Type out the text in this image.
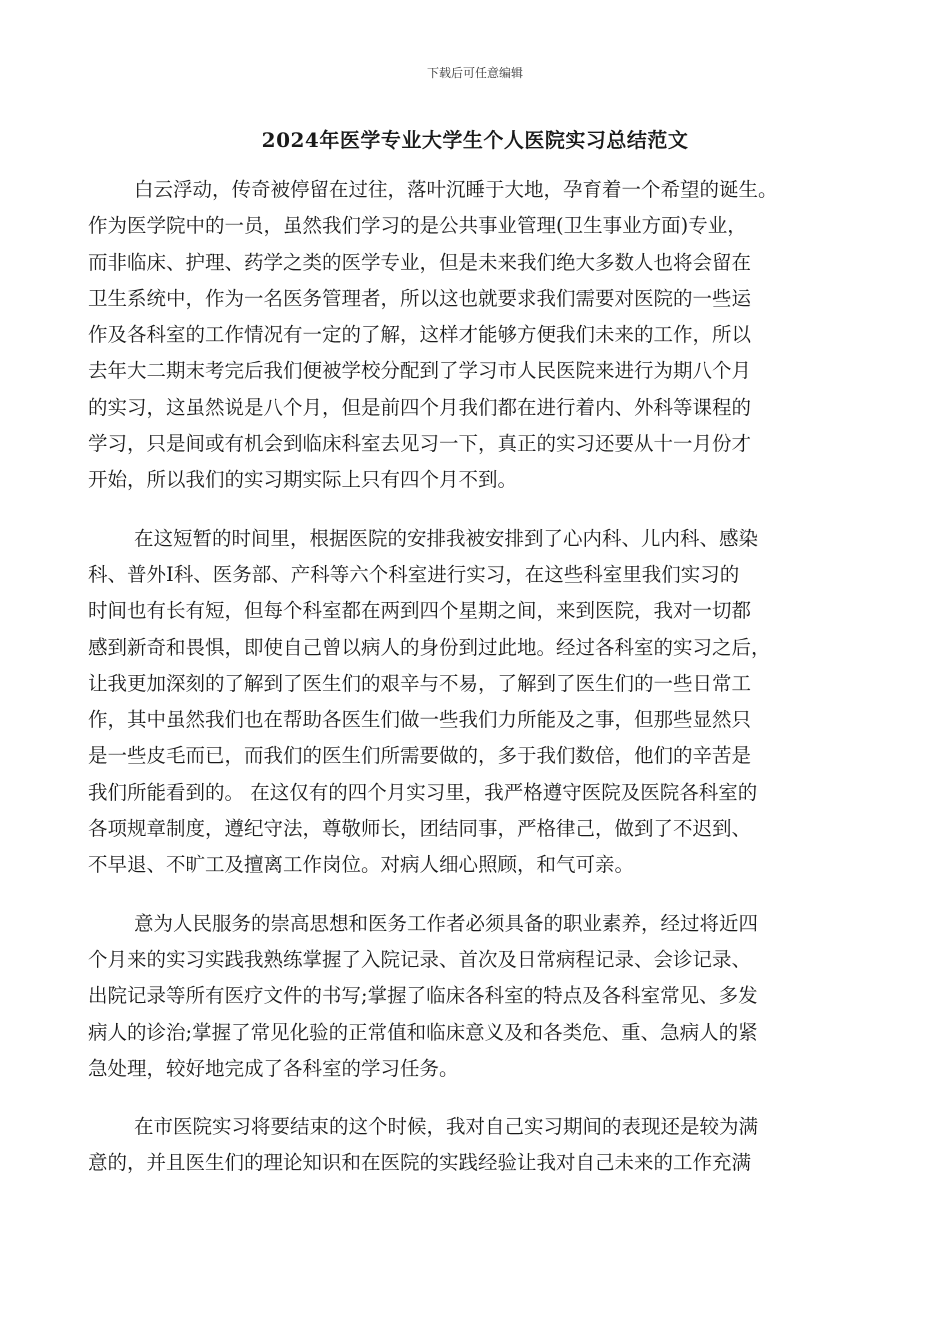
下载后可任意编辑
2024年医学专业大学生个人医院实习总结范文
白云浮动，传奇被停留在过往，落叶沉睡于大地，孕育着一个希望的诞生。
作为医学院中的一员，虽然我们学习的是公共事业管理(卫生事业方面)专业，
而非临床、护理、药学之类的医学专业，但是未来我们绝大多数人也将会留在
卫生系统中，作为一名医务管理者，所以这也就要求我们需要对医院的一些运
作及各科室的工作情况有一定的了解，这样才能够方便我们未来的工作，所以
去年大二期末考完后我们便被学校分配到了学习市人民医院来进行为期八个月
的实习，这虽然说是八个月，但是前四个月我们都在进行着内、外科等课程的
学习，只是间或有机会到临床科室去见习一下，真正的实习还要从十一月份才
开始，所以我们的实习期实际上只有四个月不到。
在这短暂的时间里，根据医院的安排我被安排到了心内科、儿内科、感染
科、普外Ⅰ科、医务部、产科等六个科室进行实习，在这些科室里我们实习的
时间也有长有短，但每个科室都在两到四个星期之间，来到医院，我对一切都
感到新奇和畏惧，即使自己曾以病人的身份到过此地。经过各科室的实习之后，
让我更加深刻的了解到了医生们的艰辛与不易，了解到了医生们的一些日常工
作，其中虽然我们也在帮助各医生们做一些我们力所能及之事，但那些显然只
是一些皮毛而已，而我们的医生们所需要做的，多于我们数倍，他们的辛苦是
我们所能看到的。 在这仅有的四个月实习里，我严格遵守医院及医院各科室的
各项规章制度，遵纪守法，尊敬师长，团结同事，严格律己，做到了不迟到、
不早退、不旷工及擅离工作岗位。对病人细心照顾，和气可亲。
意为人民服务的崇高思想和医务工作者必须具备的职业素养，经过将近四
个月来的实习实践我熟练掌握了入院记录、首次及日常病程记录、会诊记录、
出院记录等所有医疗文件的书写;掌握了临床各科室的特点及各科室常见、多发
病人的诊治;掌握了常见化验的正常值和临床意义及和各类危、重、急病人的紧
急处理，较好地完成了各科室的学习任务。
在市医院实习将要结束的这个时候，我对自己实习期间的表现还是较为满
意的，并且医生们的理论知识和在医院的实践经验让我对自己未来的工作充满
